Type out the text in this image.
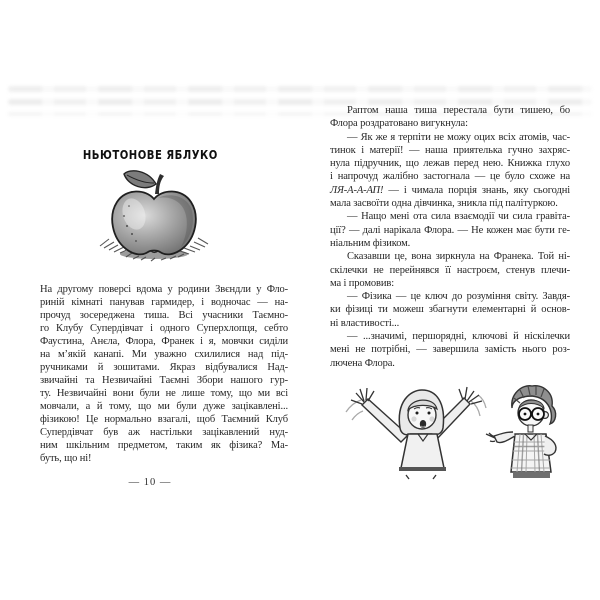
НЬЮТОНОВЕ ЯБЛУКО
На другому поверсі вдома у родини Звєндли у Фло-
риній кімнаті панував гармидер, і водночас — на-
прочуд зосереджена тиша. Всі учасники Таємно-
го Клубу Супердівчат і одного Суперхлопця, себто
Фаустина, Анєла, Флора, Франек і я, мовчки сиділи
на м’якій канапі. Ми уважно схилилися над під-
ручниками й зошитами. Якраз відбувалися Над-
звичайні та Незвичайні Таємні Збори нашого гур-
ту. Незвичайні вони були не лише тому, що ми всі
мовчали, а й тому, що ми були дуже зацікавлені...
фізикою! Це нормально взагалі, щоб Таємний Клуб
Супердівчат був аж настільки зацікавлений нуд-
ним шкільним предметом, таким як фізика? Ма-
буть, що ні!
— 10 —
Раптом наша тиша перестала бути тишею, бо
Флора роздратовано вигукнула:
— Як же я терпіти не можу оцих всіх атомів, час-
тинок і матерії! — наша приятелька гучно захряс-
нула підручник, що лежав перед нею. Книжка глухо
і напрочуд жалібно застогнала — це було схоже на
ЛЯ-А-А-АП! — і чимала порція знань, яку сьогодні
мала засвоїти одна дівчинка, зникла під палітуркою.
— Нащо мені ота сила взаємодії чи сила гравіта-
ції? — далі нарікала Флора. — Не кожен має бути ге-
ніальним фізиком.
Сказавши це, вона зиркнула на Франека. Той ні-
скілечки не перейнявся її настроєм, стенув плечи-
ма і промовив:
— Фізика — це ключ до розуміння світу. Завдя-
ки фізиці ти можеш збагнути елементарні й основ-
ні властивості...
— ...значимі, першорядні, ключові й ніскілечки
мені не потрібні, — завершила замість нього роз-
лючена Флора.
